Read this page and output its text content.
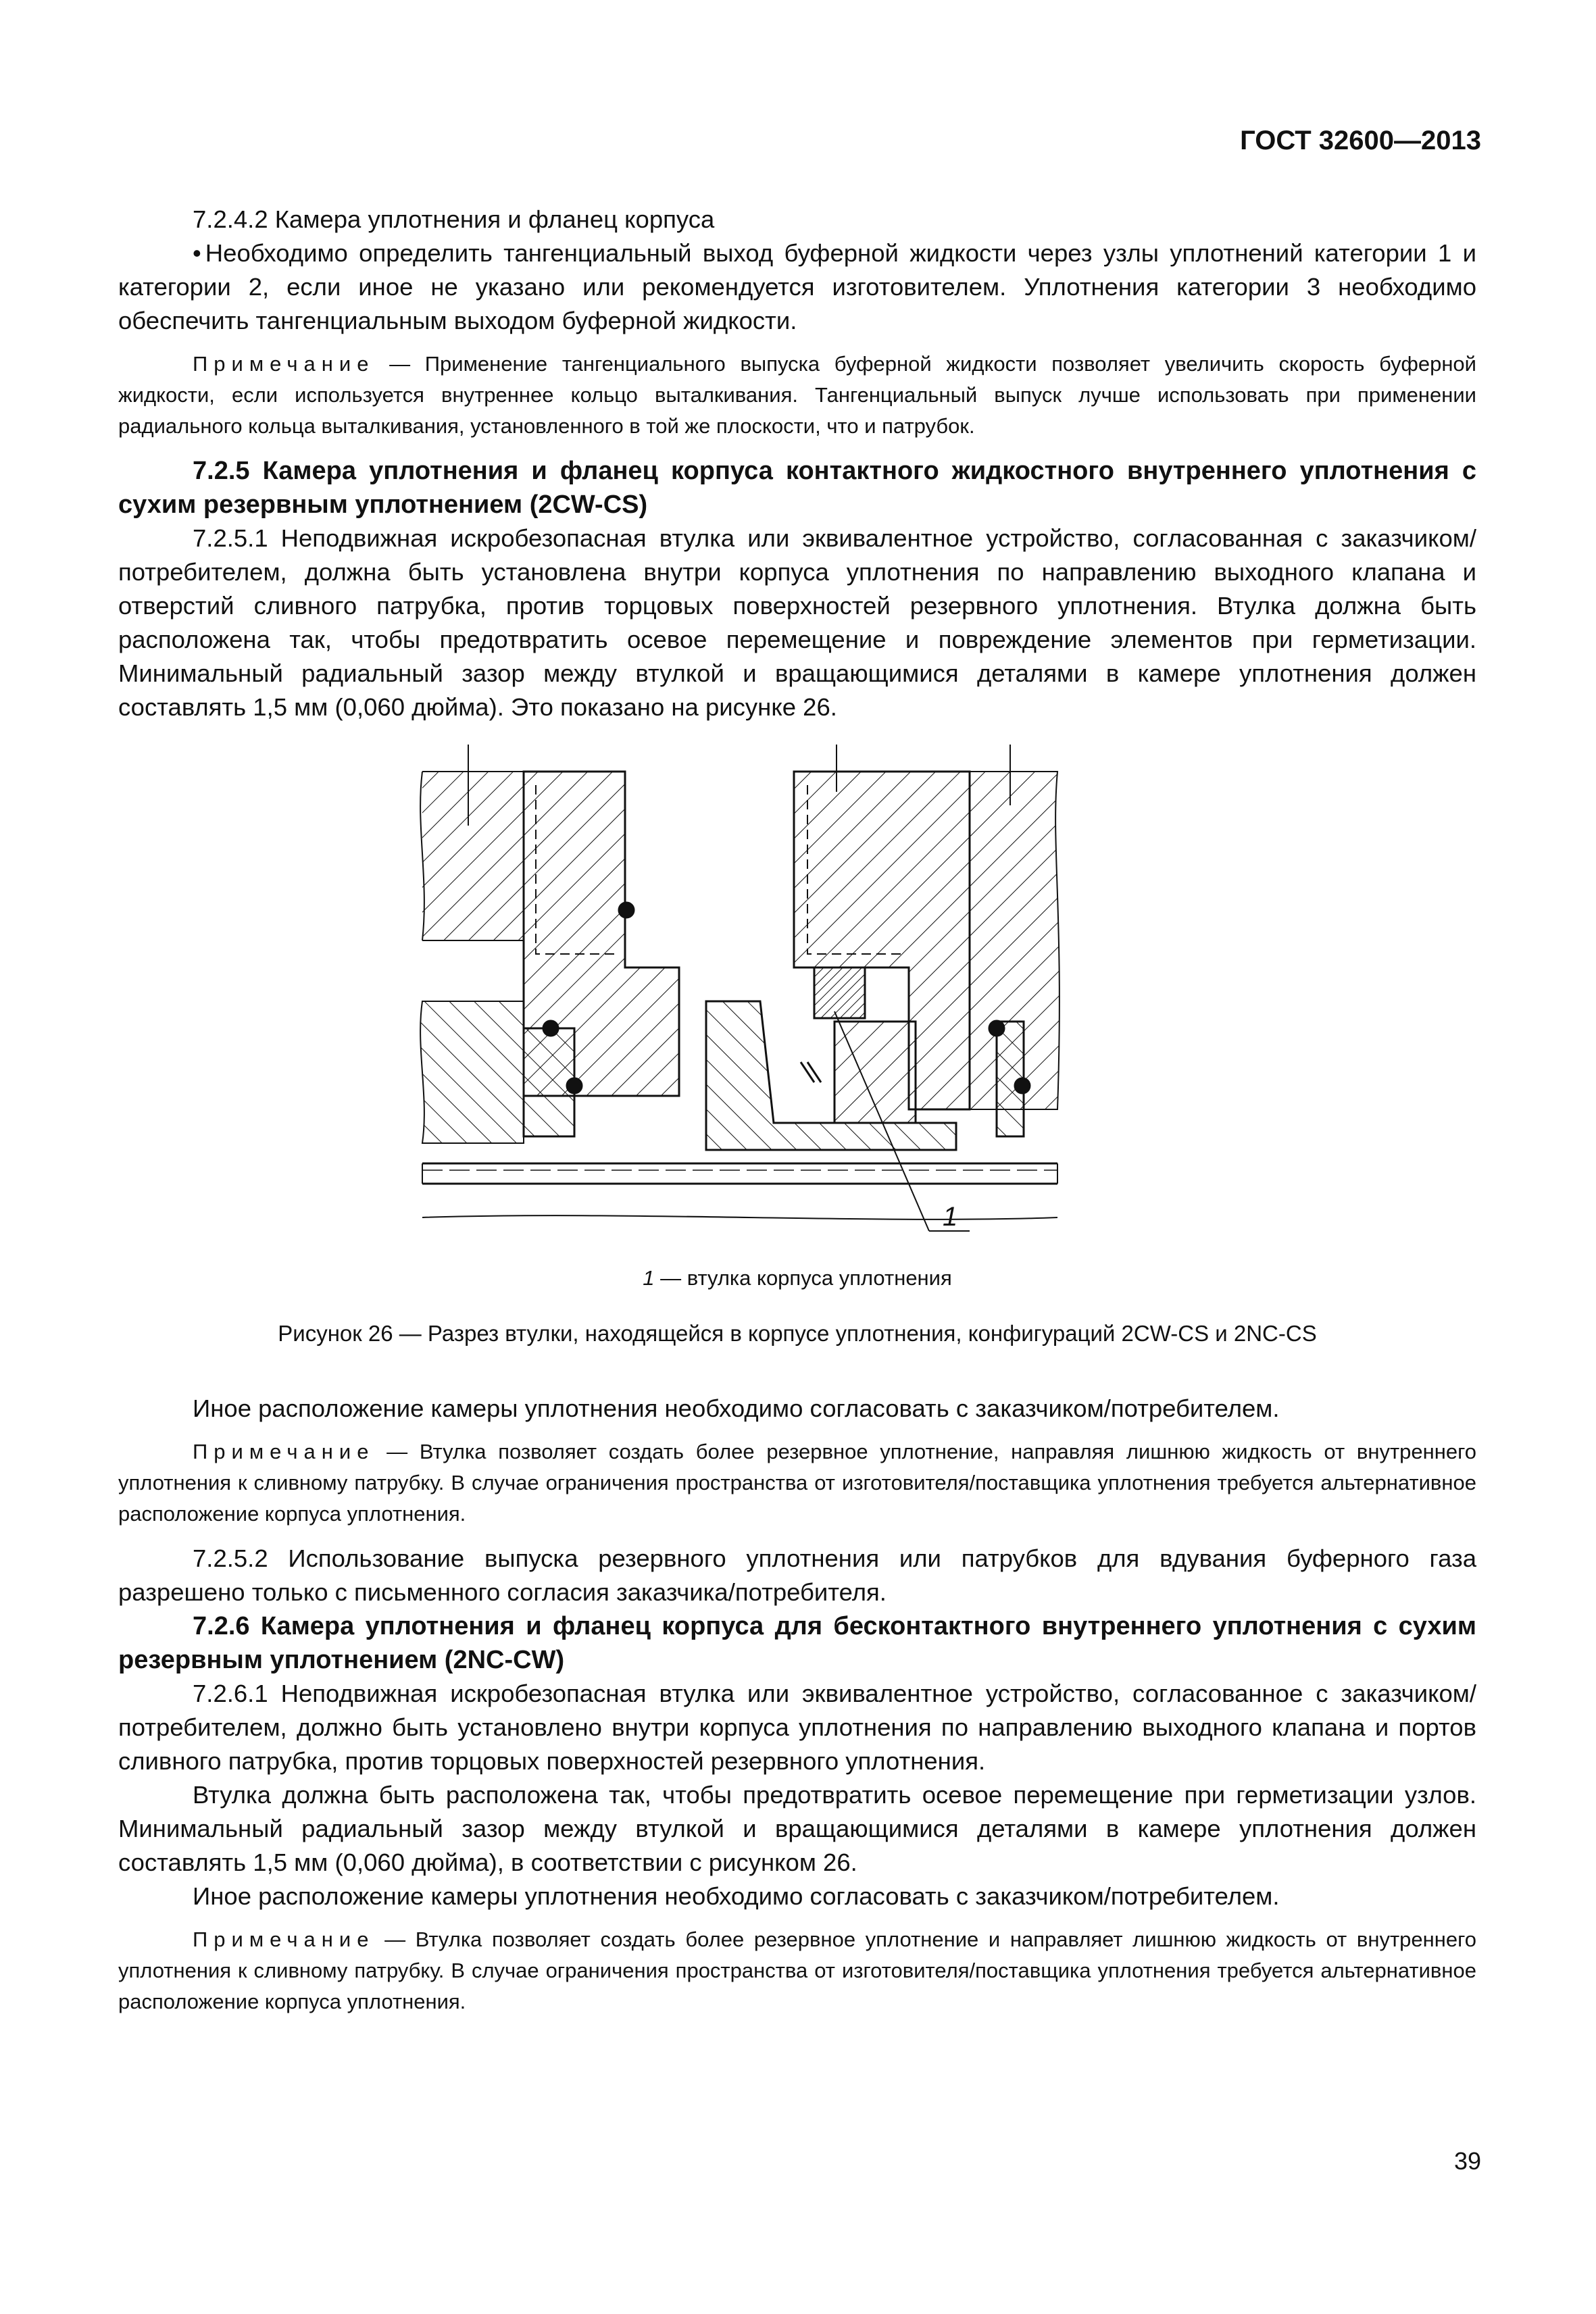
ГОСТ 32600—2013

7.2.4.2 Камера уплотнения и фланец корпуса

• Необходимо определить тангенциальный выход буферной жидкости через узлы уплотнений категории 1 и категории 2, если иное не указано или рекомендуется изготовителем. Уплотнения категории 3 необходимо обеспечить тангенциальным выходом буферной жидкости.

Примечание — Применение тангенциального выпуска буферной жидкости позволяет увеличить скорость буферной жидкости, если используется внутреннее кольцо выталкивания. Тангенциальный выпуск лучше использовать при применении радиального кольца выталкивания, установленного в той же плоскости, что и патрубок.

7.2.5 Камера уплотнения и фланец корпуса контактного жидкостного внутреннего уплотнения с сухим резервным уплотнением (2CW-CS)

7.2.5.1 Неподвижная искробезопасная втулка или эквивалентное устройство, согласованная с заказчиком/потребителем, должна быть установлена внутри корпуса уплотнения по направлению выходного клапана и отверстий сливного патрубка, против торцовых поверхностей резервного уплотнения. Втулка должна быть расположена так, чтобы предотвратить осевое перемещение и повреждение элементов при герметизации. Минимальный радиальный зазор между втулкой и вращающимися деталями в камере уплотнения должен составлять 1,5 мм (0,060 дюйма). Это показано на рисунке 26.

1

1 — втулка корпуса уплотнения

Рисунок 26 — Разрез втулки, находящейся в корпусе уплотнения, конфигураций 2CW-CS и 2NC-CS

Иное расположение камеры уплотнения необходимо согласовать с заказчиком/потребителем.

Примечание — Втулка позволяет создать более резервное уплотнение, направляя лишнюю жидкость от внутреннего уплотнения к сливному патрубку. В случае ограничения пространства от изготовителя/поставщика уплотнения требуется альтернативное расположение корпуса уплотнения.

7.2.5.2 Использование выпуска резервного уплотнения или патрубков для вдувания буферного газа разрешено только с письменного согласия заказчика/потребителя.

7.2.6 Камера уплотнения и фланец корпуса для бесконтактного внутреннего уплотнения с сухим резервным уплотнением (2NC-CW)

7.2.6.1 Неподвижная искробезопасная втулка или эквивалентное устройство, согласованное с заказчиком/потребителем, должно быть установлено внутри корпуса уплотнения по направлению выходного клапана и портов сливного патрубка, против торцовых поверхностей резервного уплотнения.

Втулка должна быть расположена так, чтобы предотвратить осевое перемещение при герметизации узлов. Минимальный радиальный зазор между втулкой и вращающимися деталями в камере уплотнения должен составлять 1,5 мм (0,060 дюйма), в соответствии с рисунком 26.

Иное расположение камеры уплотнения необходимо согласовать с заказчиком/потребителем.

Примечание — Втулка позволяет создать более резервное уплотнение и направляет лишнюю жидкость от внутреннего уплотнения к сливному патрубку. В случае ограничения пространства от изготовителя/поставщика уплотнения требуется альтернативное расположение корпуса уплотнения.

39
